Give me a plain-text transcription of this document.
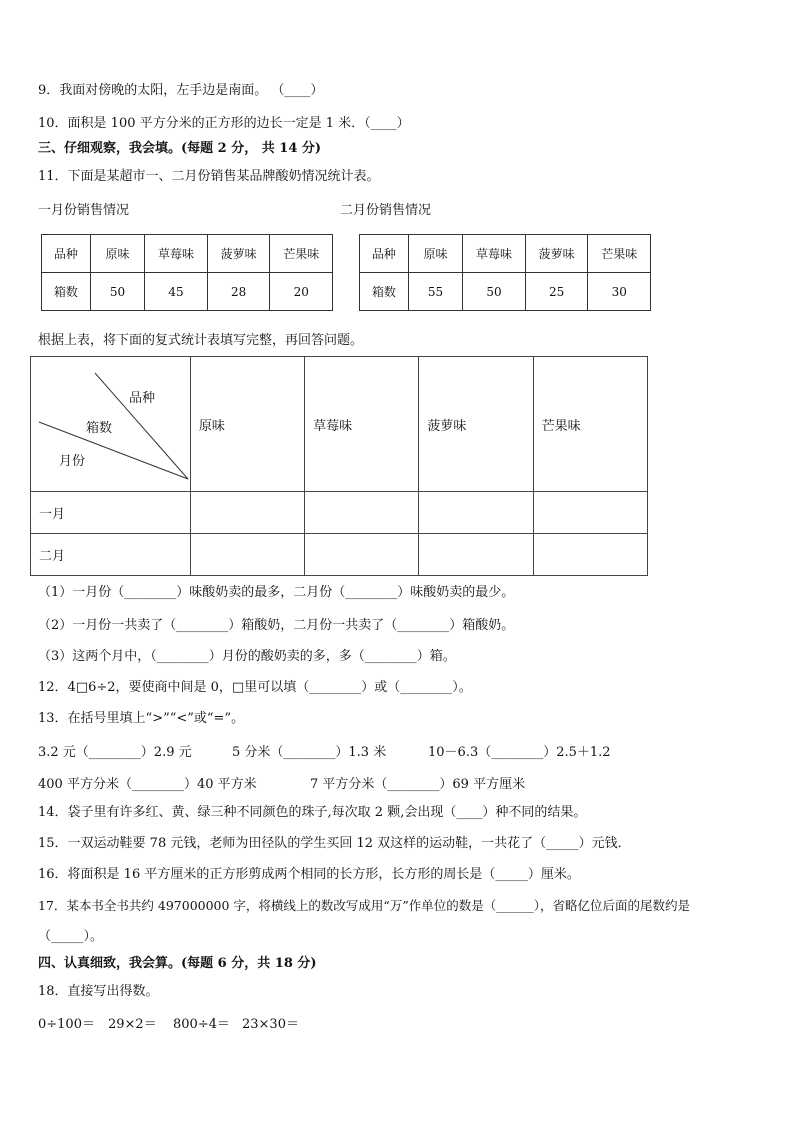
9．我面对傍晚的太阳，左手边是南面。 （____）
10．面积是 100 平方分米的正方形的边长一定是 1 米．（____）
三、仔细观察，我会填。(每题 2 分， 共 14 分)
11．下面是某超市一、二月份销售某品牌酸奶情况统计表。
一月份销售情况	二月份销售情况
品种	原味	草莓味	菠萝味	芒果味
箱数	50	45	28	20
品种	原味	草莓味	菠萝味	芒果味
箱数	55	50	25	30
根据上表，将下面的复式统计表填写完整，再回答问题。
品种
箱数
月份	原味	草莓味	菠萝味	芒果味
一月				
二月				
（1）一月份（________）味酸奶卖的最多，二月份（________）味酸奶卖的最少。
（2）一月份一共卖了（________）箱酸奶，二月份一共卖了（________）箱酸奶。
（3）这两个月中，（________）月份的酸奶卖的多，多（________）箱。
12．4□6÷2，要使商中间是 0，□里可以填（________）或（________）。
13．在括号里填上“>”“<”或“=”。
3.2 元（________）2.9 元	5 分米（________）1.3 米	10－6.3（________）2.5＋1.2
400 平方分米（________）40 平方米	7 平方分米（________）69 平方厘米
14．袋子里有许多红、黄、绿三种不同颜色的珠子,每次取 2 颗,会出现（____）种不同的结果。
15．一双运动鞋要 78 元钱，老师为田径队的学生买回 12 双这样的运动鞋，一共花了（_____）元钱．
16．将面积是 16 平方厘米的正方形剪成两个相同的长方形，长方形的周长是（_____）厘米。
17．某本书全书共约 497000000 字，将横线上的数改写成用“万”作单位的数是（______），省略亿位后面的尾数约是
（_____）。
四、认真细致，我会算。(每题 6 分，共 18 分)
18．直接写出得数。
0÷100＝ 29×2＝ 800÷4＝ 23×30＝
